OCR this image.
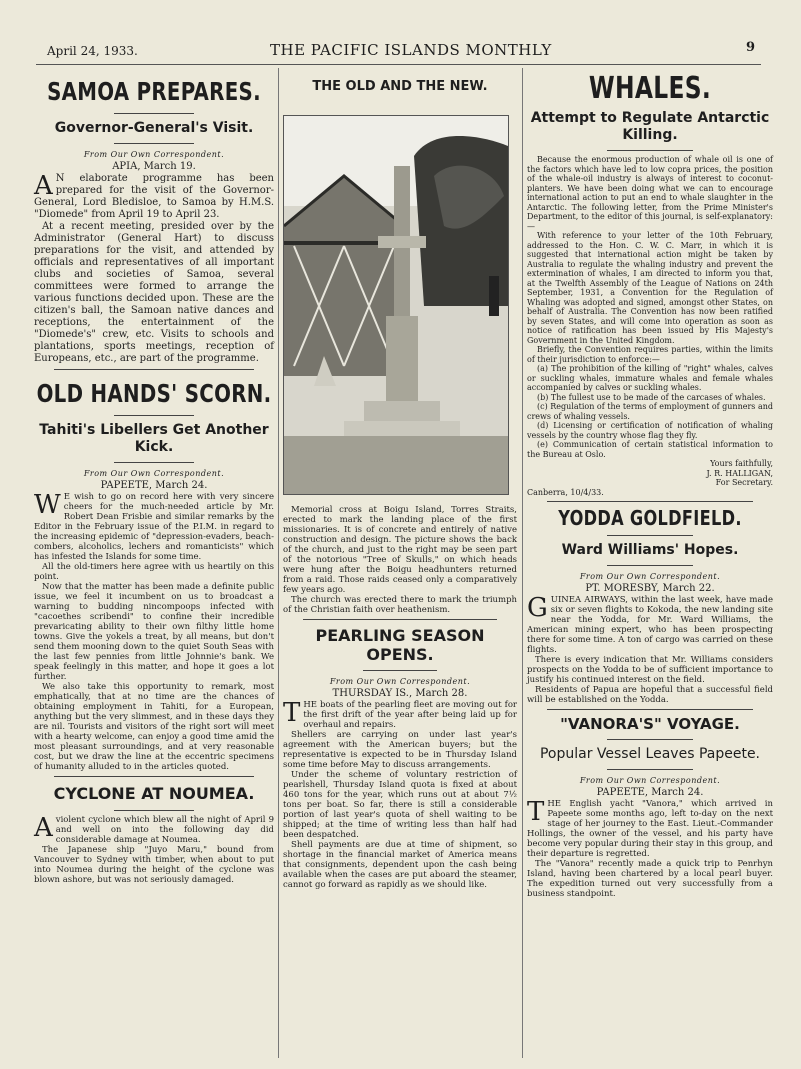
April 24, 1933.	THE PACIFIC ISLANDS MONTHLY	9
SAMOA PREPARES.
Governor-General's Visit.
From Our Own Correspondent.
APIA, March 19.

A N elaborate programme has been prepared for the visit of the Governor-General, Lord Bledisloe, to Samoa by H.M.S. "Diomede" from April 19 to April 23.

At a recent meeting, presided over by the Administrator (General Hart) to discuss preparations for the visit, and attended by officials and representatives of all important clubs and societies of Samoa, several committees were formed to arrange the various functions decided upon. These are the citizen's ball, the Samoan native dances and receptions, the entertainment of the "Diomede's" crew, etc. Visits to schools and plantations, sports meetings, reception of Europeans, etc., are part of the programme.

OLD HANDS' SCORN.
Tahiti's Libellers Get Another Kick.
From Our Own Correspondent.
PAPEETE, March 24.

W E wish to go on record here with very sincere cheers for the much-needed article by Mr. Robert Dean Frisbie and similar remarks by the Editor in the February issue of the P.I.M. in regard to the increasing epidemic of "depression-evaders, beach-combers, alcoholics, lechers and romanticists" which has infested the Islands for some time.

All the old-timers here agree with us heartily on this point.

Now that the matter has been made a definite public issue, we feel it incumbent on us to broadcast a warning to budding nincompoops infected with "cacoethes scribendi" to confine their incredible prevaricating ability to their own filthy little home towns. Give the yokels a treat, by all means, but don't send them mooning down to the quiet South Seas with the last few pennies from little Johnnie's bank. We speak feelingly in this matter, and hope it goes a lot further.

We also take this opportunity to remark, most emphatically, that at no time are the chances of obtaining employment in Tahiti, for a European, anything but the very slimmest, and in these days they are nil. Tourists and visitors of the right sort will meet with a hearty welcome, can enjoy a good time amid the most pleasant surroundings, and at very reasonable cost, but we draw the line at the eccentric specimens of humanity alluded to in the articles quoted.

CYCLONE AT NOUMEA.

Aviolent cyclone which blew all the night of April 9 and well on into the following day did considerable damage at Noumea.

The Japanese ship "Juyo Maru," bound from Vancouver to Sydney with timber, when about to put into Noumea during the height of the cyclone was blown ashore, but was not seriously damaged.

THE OLD AND THE NEW.

Memorial cross at Boigu Island, Torres Straits, erected to mark the landing place of the first missionaries. It is of concrete and entirely of native construction and design. The picture shows the back of the church, and just to the right may be seen part of the notorious "Tree of Skulls," on which heads were hung after the Boigu headhunters returned from a raid. Those raids ceased only a comparatively few years ago.

The church was erected there to mark the triumph of the Christian faith over heathenism.

PEARLING SEASON OPENS.
From Our Own Correspondent.
THURSDAY IS., March 28.

THE boats of the pearling fleet are moving out for the first drift of the year after being laid up for overhaul and repairs.

Shellers are carrying on under last year's agreement with the American buyers; but the representative is expected to be in Thursday Island some time before May to discuss arrangements.

Under the scheme of voluntary restriction of pearlshell, Thursday Island quota is fixed at about 460 tons for the year, which runs out at about 7½ tons per boat. So far, there is still a considerable portion of last year's quota of shell waiting to be shipped; at the time of writing less than half had been despatched.

Shell payments are due at time of shipment, so shortage in the financial market of America means that consignments, dependent upon the cash being available when the cases are put aboard the steamer, cannot go forward as rapidly as we should like.

WHALES.
Attempt to Regulate Antarctic Killing.

Because the enormous production of whale oil is one of the factors which have led to low copra prices, the position of the whale-oil industry is always of interest to coconut-planters. We have been doing what we can to encourage international action to put an end to whale slaughter in the Antarctic. The following letter, from the Prime Minister's Department, to the editor of this journal, is self-explanatory:—

With reference to your letter of the 10th February, addressed to the Hon. C. W. C. Marr, in which it is suggested that international action might be taken by Australia to regulate the whaling industry and prevent the extermination of whales, I am directed to inform you that, at the Twelfth Assembly of the League of Nations on 24th September, 1931, a Convention for the Regulation of Whaling was adopted and signed, amongst other States, on behalf of Australia. The Convention has now been ratified by seven States, and will come into operation as soon as notice of ratification has been issued by His Majesty's Government in the United Kingdom.

Briefly, the Convention requires parties, within the limits of their jurisdiction to enforce:—

(a) The prohibition of the killing of "right" whales, calves or suckling whales, immature whales and female whales accompanied by calves or suckling whales.

(b) The fullest use to be made of the carcases of whales.

(c) Regulation of the terms of employment of gunners and crews of whaling vessels.

(d) Licensing or certification of notification of whaling vessels by the country whose flag they fly.

(e) Communication of certain statistical information to the Bureau at Oslo.

Yours faithfully,
J. R. HALLIGAN,
For Secretary.
Canberra, 10/4/33.
YODDA GOLDFIELD.
Ward Williams' Hopes.
From Our Own Correspondent.
PT. MORESBY, March 22.

GUINEA AIRWAYS, within the last week, have made six or seven flights to Kokoda, the new landing site near the Yodda, for Mr. Ward Williams, the American mining expert, who has been prospecting there for some time. A ton of cargo was carried on these flights.

There is every indication that Mr. Williams considers prospects on the Yodda to be of sufficient importance to justify his continued interest on the field.

Residents of Papua are hopeful that a successful field will be established on the Yodda.

"VANORA'S" VOYAGE.
Popular Vessel Leaves Papeete.
From Our Own Correspondent.
PAPEETE, March 24.

THE English yacht "Vanora," which arrived in Papeete some months ago, left to-day on the next stage of her journey to the East. Lieut.-Commander Hollings, the owner of the vessel, and his party have become very popular during their stay in this group, and their departure is regretted.

The "Vanora" recently made a quick trip to Penrhyn Island, having been chartered by a local pearl buyer. The expedition turned out very successfully from a business standpoint.
